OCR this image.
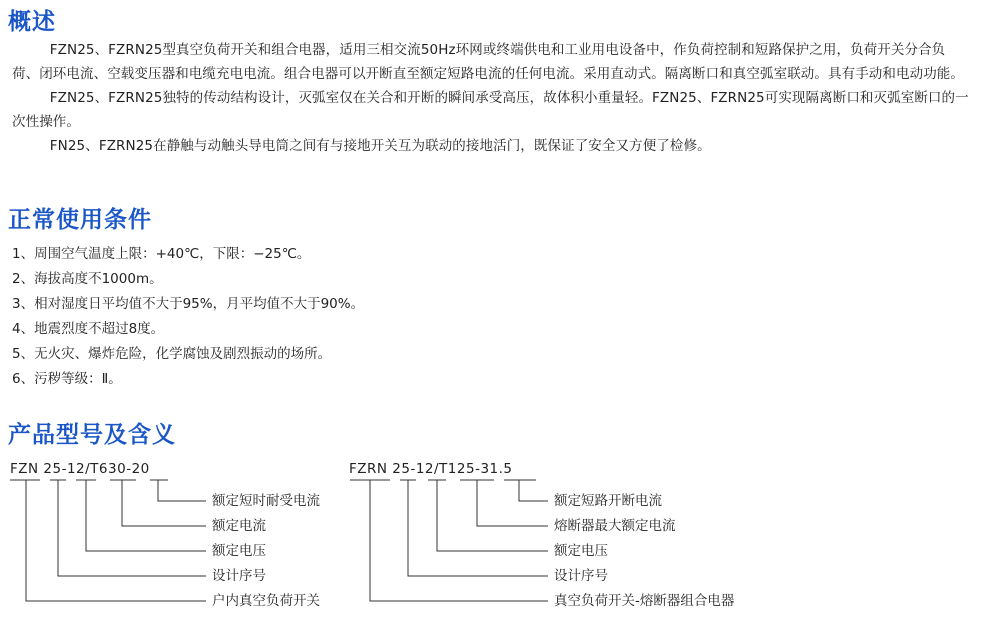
概述

FZN25、FZRN25型真空负荷开关和组合电器，适用三相交流50Hz环网或终端供电和工业用电设备中，作负荷控制和短路保护之用，负荷开关分合负荷、闭环电流、空载变压器和电缆充电电流。组合电器可以开断直至额定短路电流的任何电流。采用直动式。隔离断口和真空弧室联动。具有手动和电动功能。

FZN25、FZRN25独特的传动结构设计，灭弧室仅在关合和开断的瞬间承受高压，故体积小重量轻。FZN25、FZRN25可实现隔离断口和灭弧室断口的一次性操作。

FN25、FZRN25在静触与动触头导电筒之间有与接地开关互为联动的接地活门，既保证了安全又方便了检修。

正常使用条件
1、周围空气温度上限：+40℃，下限：−25℃。
2、海拔高度不1000m。
3、相对湿度日平均值不大于95%，月平均值不大于90%。
4、地震烈度不超过8度。
5、无火灾、爆炸危险，化学腐蚀及剧烈振动的场所。
6、污秽等级：Ⅱ。
产品型号及含义
FZN 25-12/T630-20	FZRN 25-12/T125-31.5
额定短时耐受电流
额定电流
额定电压
设计序号
户内真空负荷开关
额定短路开断电流
熔断器最大额定电流
额定电压
设计序号
真空负荷开关-熔断器组合电器
